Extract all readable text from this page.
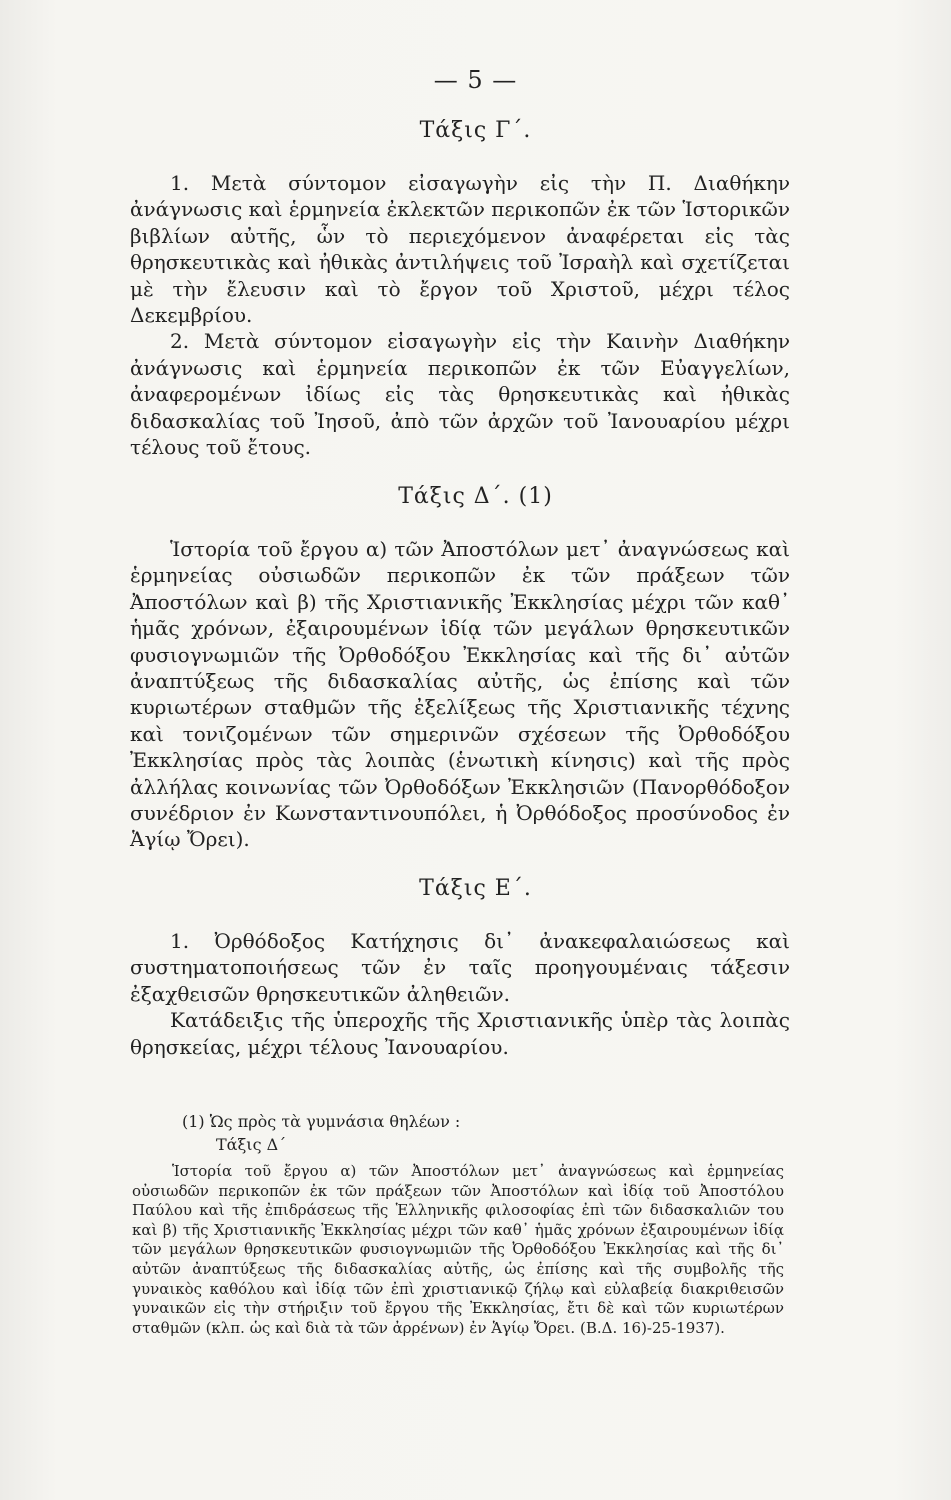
— 5 —
Τάξις Γ΄.

1. Μετὰ σύντομον εἰσαγωγὴν εἰς τὴν Π. Διαθήκην ἀνάγνωσις καὶ ἑρμηνεία ἐκλεκτῶν περικοπῶν ἐκ τῶν Ἱστορικῶν βιβλίων αὐτῆς, ὧν τὸ περιεχόμενον ἀναφέρεται εἰς τὰς θρησκευτικὰς καὶ ἠθικὰς ἀντιλήψεις τοῦ Ἰσραὴλ καὶ σχετίζεται μὲ τὴν ἔλευσιν καὶ τὸ ἔργον τοῦ Χριστοῦ, μέχρι τέλος Δεκεμβρίου.

2. Μετὰ σύντομον εἰσαγωγὴν εἰς τὴν Καινὴν Διαθήκην ἀνάγνωσις καὶ ἑρμηνεία περικοπῶν ἐκ τῶν Εὐαγγελίων, ἀναφερομένων ἰδίως εἰς τὰς θρησκευτικὰς καὶ ἠθικὰς διδασκαλίας τοῦ Ἰησοῦ, ἀπὸ τῶν ἀρχῶν τοῦ Ἰανουαρίου μέχρι τέλους τοῦ ἔτους.

Τάξις Δ΄. (1)

Ἱστορία τοῦ ἔργου α) τῶν Ἀποστόλων μετ᾽ ἀναγνώσεως καὶ ἑρμηνείας οὐσιωδῶν περικοπῶν ἐκ τῶν πράξεων τῶν Ἀποστόλων καὶ β) τῆς Χριστιανικῆς Ἐκκλησίας μέχρι τῶν καθ᾽ ἡμᾶς χρόνων, ἐξαιρουμένων ἰδίᾳ τῶν μεγάλων θρησκευτικῶν φυσιογνωμιῶν τῆς Ὀρθοδόξου Ἐκκλησίας καὶ τῆς δι᾽ αὐτῶν ἀναπτύξεως τῆς διδασκαλίας αὐτῆς, ὡς ἐπίσης καὶ τῶν κυριωτέρων σταθμῶν τῆς ἐξελίξεως τῆς Χριστιανικῆς τέχνης καὶ τονιζομένων τῶν σημερινῶν σχέσεων τῆς Ὀρθοδόξου Ἐκκλησίας πρὸς τὰς λοιπὰς (ἑνωτικὴ κίνησις) καὶ τῆς πρὸς ἀλλήλας κοινωνίας τῶν Ὀρθοδόξων Ἐκκλησιῶν (Πανορθόδοξον συνέδριον ἐν Κωνσταντινουπόλει, ἡ Ὀρθόδοξος προσύνοδος ἐν Ἁγίῳ Ὄρει).

Τάξις Ε΄.

1. Ὀρθόδοξος Κατήχησις δι᾽ ἀνακεφαλαιώσεως καὶ συστηματοποιήσεως τῶν ἐν ταῖς προηγουμέναις τάξεσιν ἐξαχθεισῶν θρησκευτικῶν ἀληθειῶν.

Κατάδειξις τῆς ὑπεροχῆς τῆς Χριστιανικῆς ὑπὲρ τὰς λοιπὰς θρησκείας, μέχρι τέλους Ἰανουαρίου.

(1) Ὡς πρὸς τὰ γυμνάσια θηλέων :
Τάξις Δ΄

Ἱστορία τοῦ ἔργου α) τῶν Ἀποστόλων μετ᾽ ἀναγνώσεως καὶ ἑρμηνείας οὐσιωδῶν περικοπῶν ἐκ τῶν πράξεων τῶν Ἀποστόλων καὶ ἰδίᾳ τοῦ Ἀποστόλου Παύλου καὶ τῆς ἐπιδράσεως τῆς Ἑλληνικῆς φιλοσοφίας ἐπὶ τῶν διδασκαλιῶν του καὶ β) τῆς Χριστιανικῆς Ἐκκλησίας μέχρι τῶν καθ᾽ ἡμᾶς χρόνων ἐξαιρουμένων ἰδίᾳ τῶν μεγάλων θρησκευτικῶν φυσιογνωμιῶν τῆς Ὀρθοδόξου Ἐκκλησίας καὶ τῆς δι᾽ αὐτῶν ἀναπτύξεως τῆς διδασκαλίας αὐτῆς, ὡς ἐπίσης καὶ τῆς συμβολῆς τῆς γυναικὸς καθόλου καὶ ἰδίᾳ τῶν ἐπὶ χριστιανικῷ ζήλῳ καὶ εὐλαβείᾳ διακριθεισῶν γυναικῶν εἰς τὴν στήριξιν τοῦ ἔργου τῆς Ἐκκλησίας, ἔτι δὲ καὶ τῶν κυριωτέρων σταθμῶν (κλπ. ὡς καὶ διὰ τὰ τῶν ἀρρένων) ἐν Ἁγίῳ Ὄρει. (Β.Δ. 16)-25-1937).
